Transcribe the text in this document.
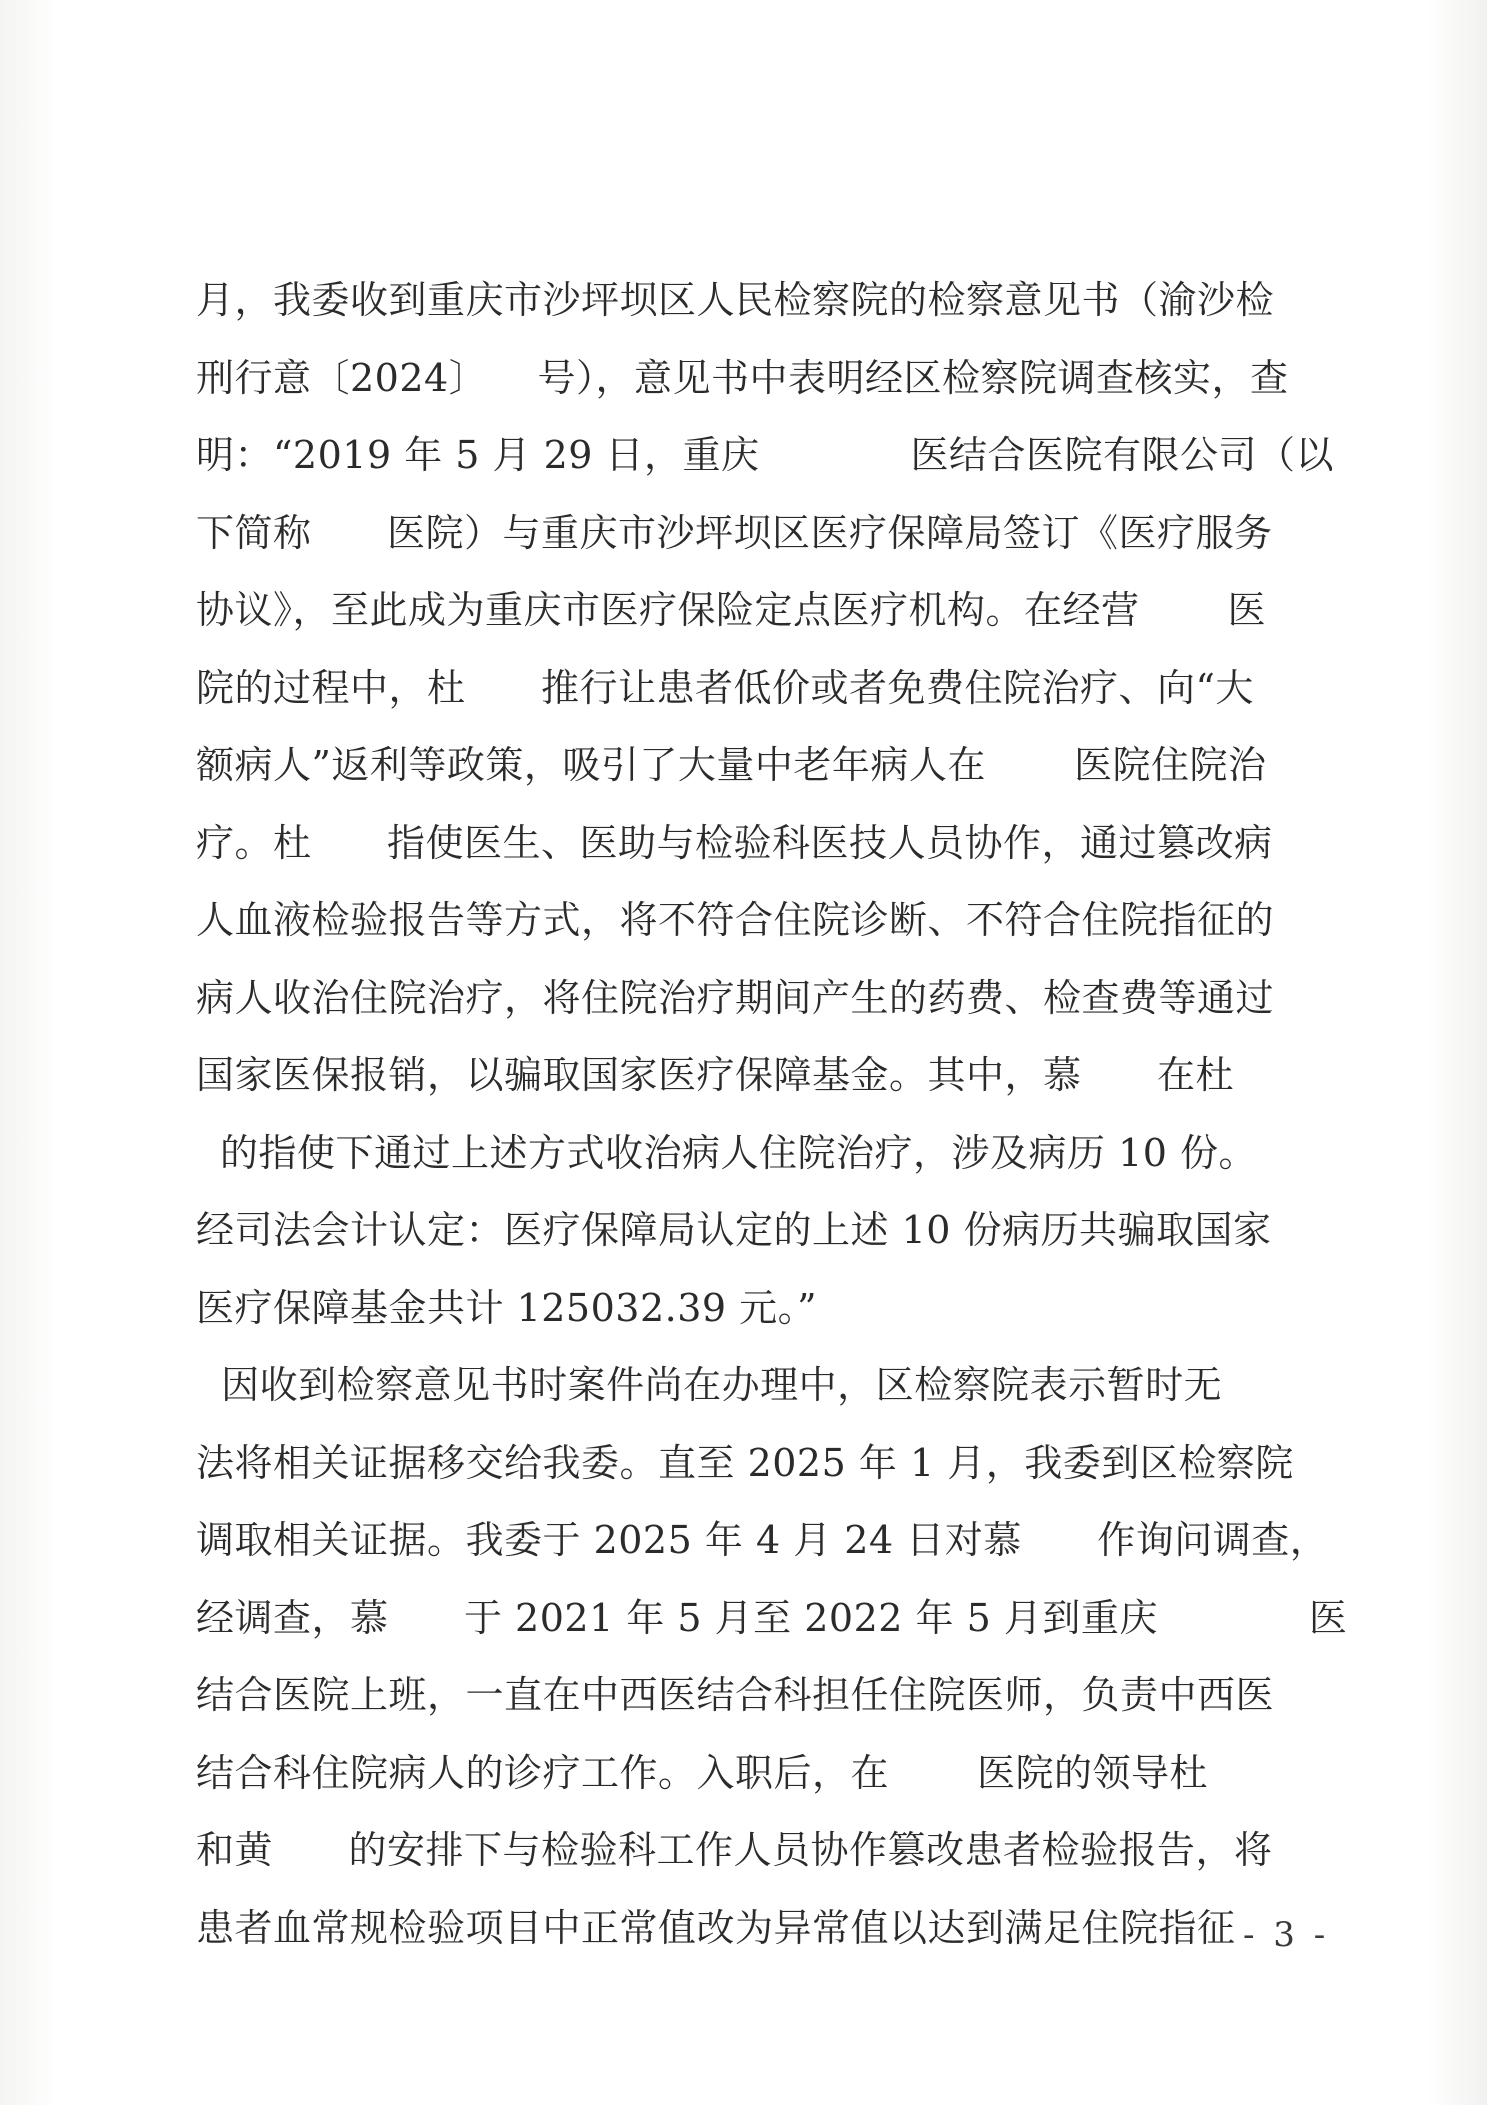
月，我委收到重庆市沙坪坝区人民检察院的检察意见书（渝沙检
刑行意〔2024〕    号），意见书中表明经区检察院调查核实，查
明：“2019 年 5 月 29 日，重庆            医结合医院有限公司（以
下简称      医院）与重庆市沙坪坝区医疗保障局签订《医疗服务
协议》，至此成为重庆市医疗保险定点医疗机构。在经营       医
院的过程中，杜      推行让患者低价或者免费住院治疗、向“大
额病人”返利等政策，吸引了大量中老年病人在       医院住院治
疗。杜      指使医生、医助与检验科医技人员协作，通过篡改病
人血液检验报告等方式，将不符合住院诊断、不符合住院指征的
病人收治住院治疗，将住院治疗期间产生的药费、检查费等通过
国家医保报销，以骗取国家医疗保障基金。其中，慕      在杜
的指使下通过上述方式收治病人住院治疗，涉及病历 10 份。
经司法会计认定：医疗保障局认定的上述 10 份病历共骗取国家
医疗保障基金共计 125032.39 元。”
因收到检察意见书时案件尚在办理中，区检察院表示暂时无
法将相关证据移交给我委。直至 2025 年 1 月，我委到区检察院
调取相关证据。我委于 2025 年 4 月 24 日对慕      作询问调查，
经调查，慕      于 2021 年 5 月至 2022 年 5 月到重庆            医
结合医院上班，一直在中西医结合科担任住院医师，负责中西医
结合科住院病人的诊疗工作。入职后，在       医院的领导杜
和黄      的安排下与检验科工作人员协作篡改患者检验报告，将
患者血常规检验项目中正常值改为异常值以达到满足住院指征 - 3 -
